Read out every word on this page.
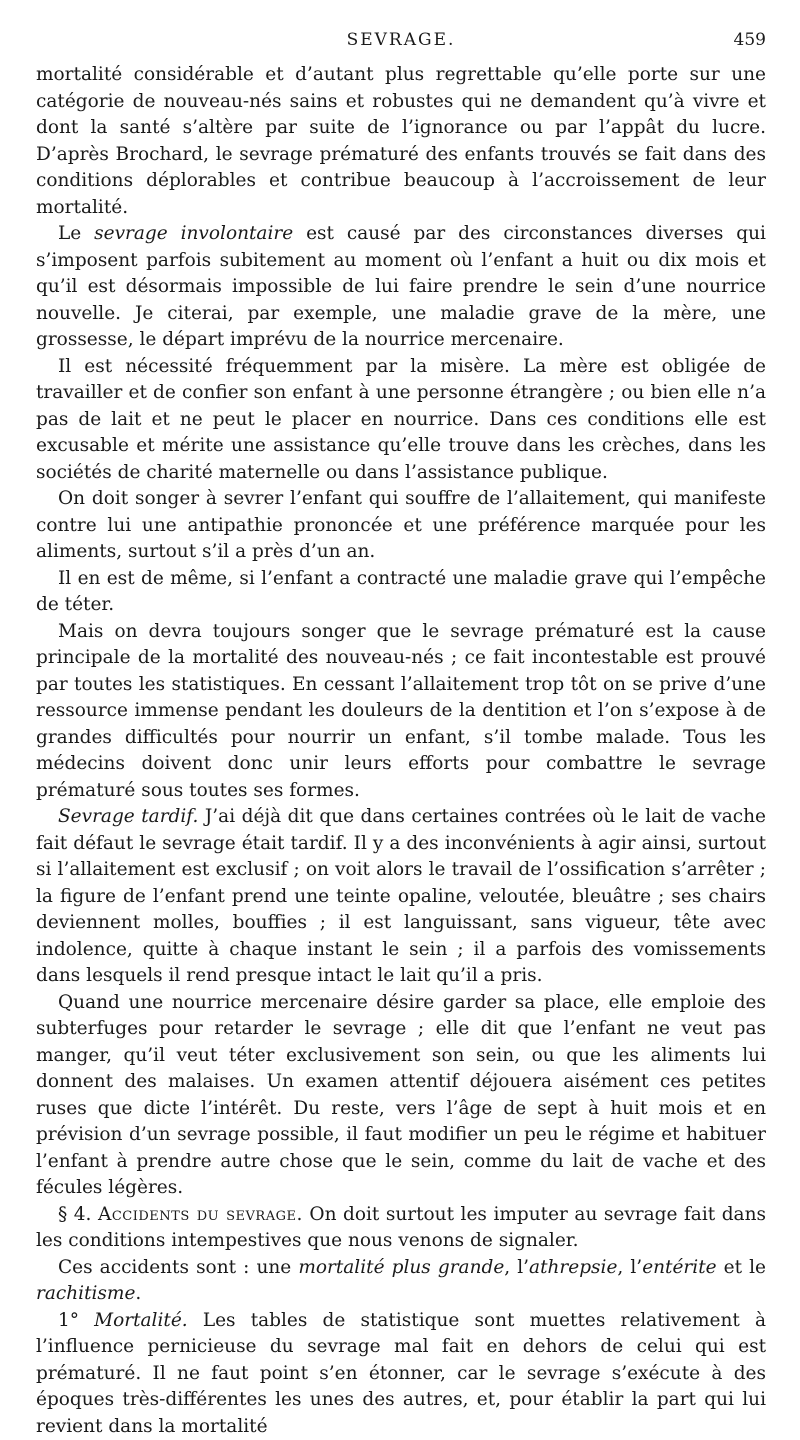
SEVRAGE.	459

mortalité considérable et d’autant plus regrettable qu’elle porte sur une catégorie de nouveau-nés sains et robustes qui ne demandent qu’à vivre et dont la santé s’altère par suite de l’ignorance ou par l’appât du lucre. D’après Brochard, le sevrage prématuré des enfants trouvés se fait dans des conditions déplorables et contribue beaucoup à l’accroissement de leur mortalité.

Le sevrage involontaire est causé par des circonstances diverses qui s’imposent parfois subitement au moment où l’enfant a huit ou dix mois et qu’il est désormais impossible de lui faire prendre le sein d’une nourrice nouvelle. Je citerai, par exemple, une maladie grave de la mère, une grossesse, le départ imprévu de la nourrice mercenaire.

Il est nécessité fréquemment par la misère. La mère est obligée de travailler et de confier son enfant à une personne étrangère ; ou bien elle n’a pas de lait et ne peut le placer en nourrice. Dans ces conditions elle est excusable et mérite une assistance qu’elle trouve dans les crèches, dans les sociétés de charité maternelle ou dans l’assistance publique.

On doit songer à sevrer l’enfant qui souffre de l’allaitement, qui manifeste contre lui une antipathie prononcée et une préférence marquée pour les aliments, surtout s’il a près d’un an.

Il en est de même, si l’enfant a contracté une maladie grave qui l’empêche de téter.

Mais on devra toujours songer que le sevrage prématuré est la cause principale de la mortalité des nouveau-nés ; ce fait incontestable est prouvé par toutes les statistiques. En cessant l’allaitement trop tôt on se prive d’une ressource immense pendant les douleurs de la dentition et l’on s’expose à de grandes difficultés pour nourrir un enfant, s’il tombe malade. Tous les médecins doivent donc unir leurs efforts pour combattre le sevrage prématuré sous toutes ses formes.

Sevrage tardif. J’ai déjà dit que dans certaines contrées où le lait de vache fait défaut le sevrage était tardif. Il y a des inconvénients à agir ainsi, surtout si l’allaitement est exclusif ; on voit alors le travail de l’ossification s’arrêter ; la figure de l’enfant prend une teinte opaline, veloutée, bleuâtre ; ses chairs deviennent molles, bouffies ; il est languissant, sans vigueur, tête avec indolence, quitte à chaque instant le sein ; il a parfois des vomissements dans lesquels il rend presque intact le lait qu’il a pris.

Quand une nourrice mercenaire désire garder sa place, elle emploie des subterfuges pour retarder le sevrage ; elle dit que l’enfant ne veut pas manger, qu’il veut téter exclusivement son sein, ou que les aliments lui donnent des malaises. Un examen attentif déjouera aisément ces petites ruses que dicte l’intérêt. Du reste, vers l’âge de sept à huit mois et en prévision d’un sevrage possible, il faut modifier un peu le régime et habituer l’enfant à prendre autre chose que le sein, comme du lait de vache et des fécules légères.

§ 4. Accidents du sevrage. On doit surtout les imputer au sevrage fait dans les conditions intempestives que nous venons de signaler.

Ces accidents sont : une mortalité plus grande, l’athrepsie, l’entérite et le rachitisme.

1° Mortalité. Les tables de statistique sont muettes relativement à l’influence pernicieuse du sevrage mal fait en dehors de celui qui est prématuré. Il ne faut point s’en étonner, car le sevrage s’exécute à des époques très-différentes les unes des autres, et, pour établir la part qui lui revient dans la mortalité
